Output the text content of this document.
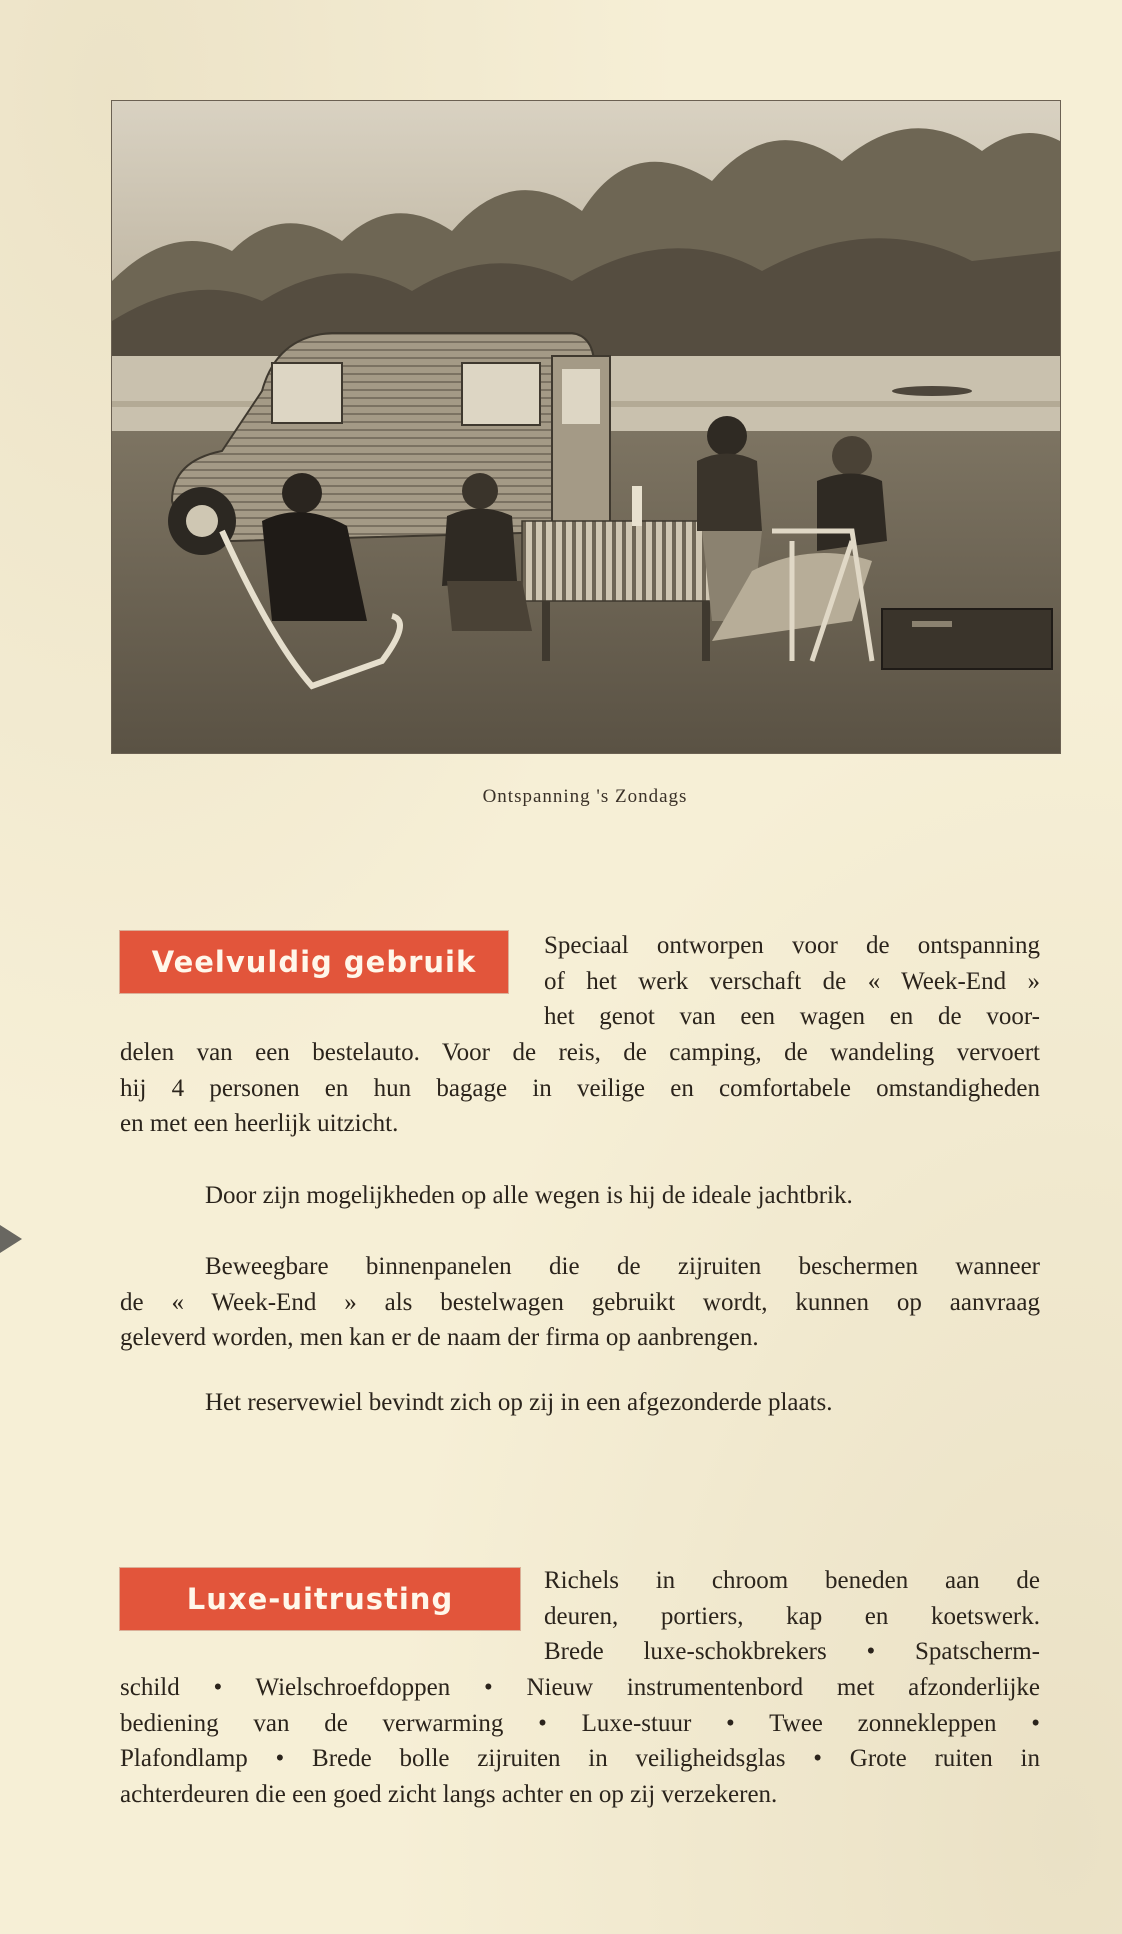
Ontspanning 's Zondags
Veelvuldig gebruik	Speciaal ontworpen voor de ontspanning
of het werk verschaft de « Week-End »
het genot van een wagen en de voor-
delen van een bestelauto. Voor de reis, de camping, de wandeling vervoert
hij 4 personen en hun bagage in veilige en comfortabele omstandigheden
en met een heerlijk uitzicht.
Door zijn mogelijkheden op alle wegen is hij de ideale jachtbrik.
Beweegbare binnenpanelen die de zijruiten beschermen wanneer
de « Week-End » als bestelwagen gebruikt wordt, kunnen op aanvraag
geleverd worden, men kan er de naam der firma op aanbrengen.
Het reservewiel bevindt zich op zij in een afgezonderde plaats.
Luxe-uitrusting
Richels in chroom beneden aan de
deuren, portiers, kap en koetswerk.
Brede luxe-schokbrekers • Spatscherm-
schild • Wielschroefdoppen • Nieuw instrumentenbord met afzonderlijke
bediening van de verwarming • Luxe-stuur • Twee zonnekleppen •
Plafondlamp • Brede bolle zijruiten in veiligheidsglas • Grote ruiten in
achterdeuren die een goed zicht langs achter en op zij verzekeren.
